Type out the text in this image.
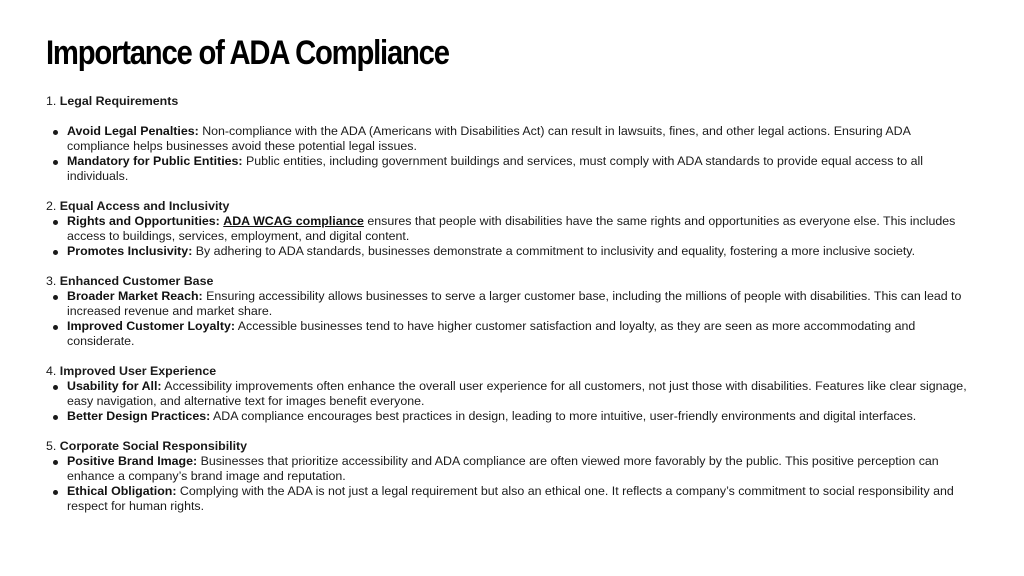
Importance of ADA Compliance

1. Legal Requirements

Avoid Legal Penalties: Non-compliance with the ADA (Americans with Disabilities Act) can result in lawsuits, fines, and other legal actions. Ensuring ADA compliance helps businesses avoid these potential legal issues.
Mandatory for Public Entities: Public entities, including government buildings and services, must comply with ADA standards to provide equal access to all individuals.

2. Equal Access and Inclusivity

Rights and Opportunities: ADA WCAG compliance ensures that people with disabilities have the same rights and opportunities as everyone else. This includes access to buildings, services, employment, and digital content.
Promotes Inclusivity: By adhering to ADA standards, businesses demonstrate a commitment to inclusivity and equality, fostering a more inclusive society.

3. Enhanced Customer Base

Broader Market Reach: Ensuring accessibility allows businesses to serve a larger customer base, including the millions of people with disabilities. This can lead to increased revenue and market share.
Improved Customer Loyalty: Accessible businesses tend to have higher customer satisfaction and loyalty, as they are seen as more accommodating and considerate.

4. Improved User Experience

Usability for All: Accessibility improvements often enhance the overall user experience for all customers, not just those with disabilities. Features like clear signage, easy navigation, and alternative text for images benefit everyone.
Better Design Practices: ADA compliance encourages best practices in design, leading to more intuitive, user-friendly environments and digital interfaces.

5. Corporate Social Responsibility

Positive Brand Image: Businesses that prioritize accessibility and ADA compliance are often viewed more favorably by the public. This positive perception can enhance a company’s brand image and reputation.
Ethical Obligation: Complying with the ADA is not just a legal requirement but also an ethical one. It reflects a company’s commitment to social responsibility and respect for human rights.
